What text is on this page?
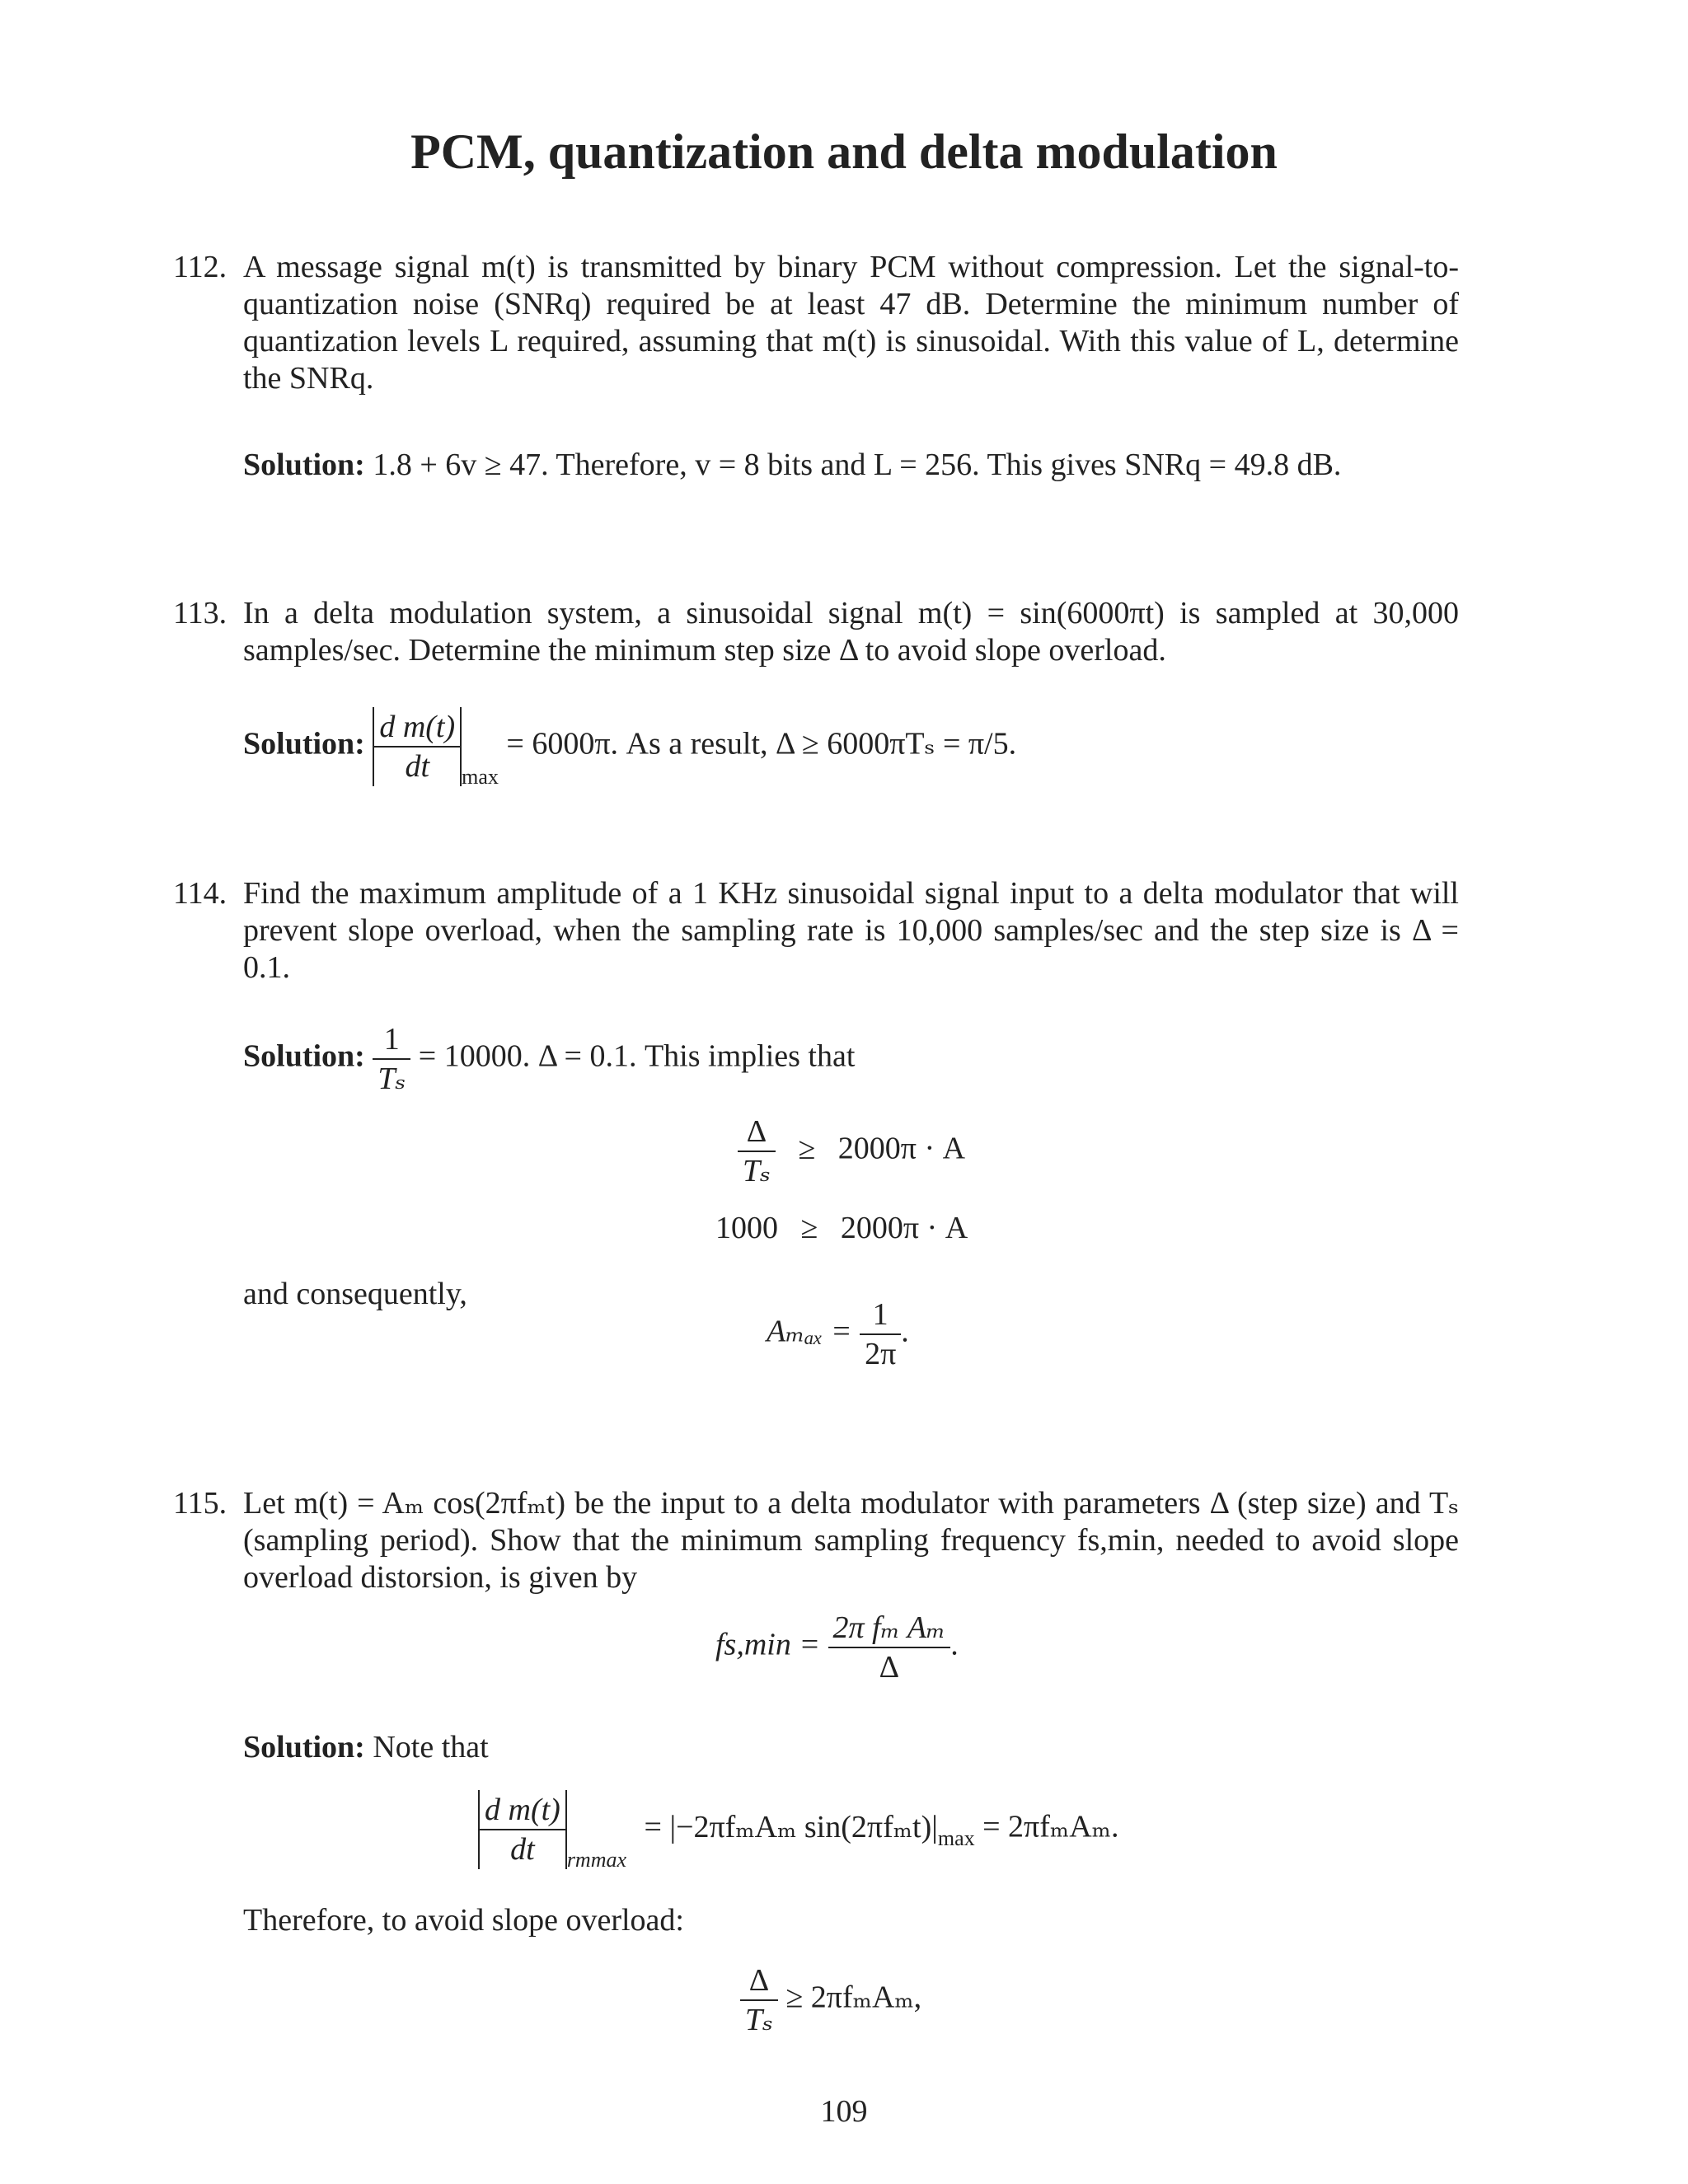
PCM, quantization and delta modulation
112. A message signal m(t) is transmitted by binary PCM without compression. Let the signal-to-quantization noise (SNRq) required be at least 47 dB. Determine the minimum number of quantization levels L required, assuming that m(t) is sinusoidal. With this value of L, determine the SNRq.
Solution: 1.8 + 6v ≥ 47. Therefore, v = 8 bits and L = 256. This gives SNRq = 49.8 dB.
113. In a delta modulation system, a sinusoidal signal m(t) = sin(6000πt) is sampled at 30,000 samples/sec. Determine the minimum step size Δ to avoid slope overload.
Solution: $\frac{\text{d m(t)}}{dt} _{max} = 6000\pi$. As a result, Δ ≥ 6000πTₛ = π/5.
114. Find the maximum amplitude of a 1 KHz sinusoidal signal input to a delta modulator that will prevent slope overload, when the sampling rate is 10,000 samples/sec and the step size is Δ = 0.1.
Solution: $\frac{1}{\text{Tₛ}} = 10000$. Δ = 0.1. This implies that
$\frac{\Delta}{\text{Tₛ}} \ge 2000\pi \cdot A$
1000 ≥ 2000π · A
and consequently,
$A_{max} = \frac{1}{2\pi}$ .
115. Let m(t) = Aₘ cos(2πfₘt) be the input to a delta modulator with parameters Δ (step size) and Tₛ (sampling period). Show that the minimum sampling frequency fs,min, needed to avoid slope overload distorsion, is given by
$fs,\min = \frac{\text{2π fₘ Aₘ}}{\Delta}$ .
Solution: Note that
$\frac{\text{d m(t)}}{dt} _{rmmax} = |-2\pi f_mA_m$ $\sin(2\pi f_mt)|_{max} = 2\pi f_mA_m$.
Therefore, to avoid slope overload:
$\frac{\Delta}{\text{Tₛ}} \ge 2\pi f_mA_m$,
109
